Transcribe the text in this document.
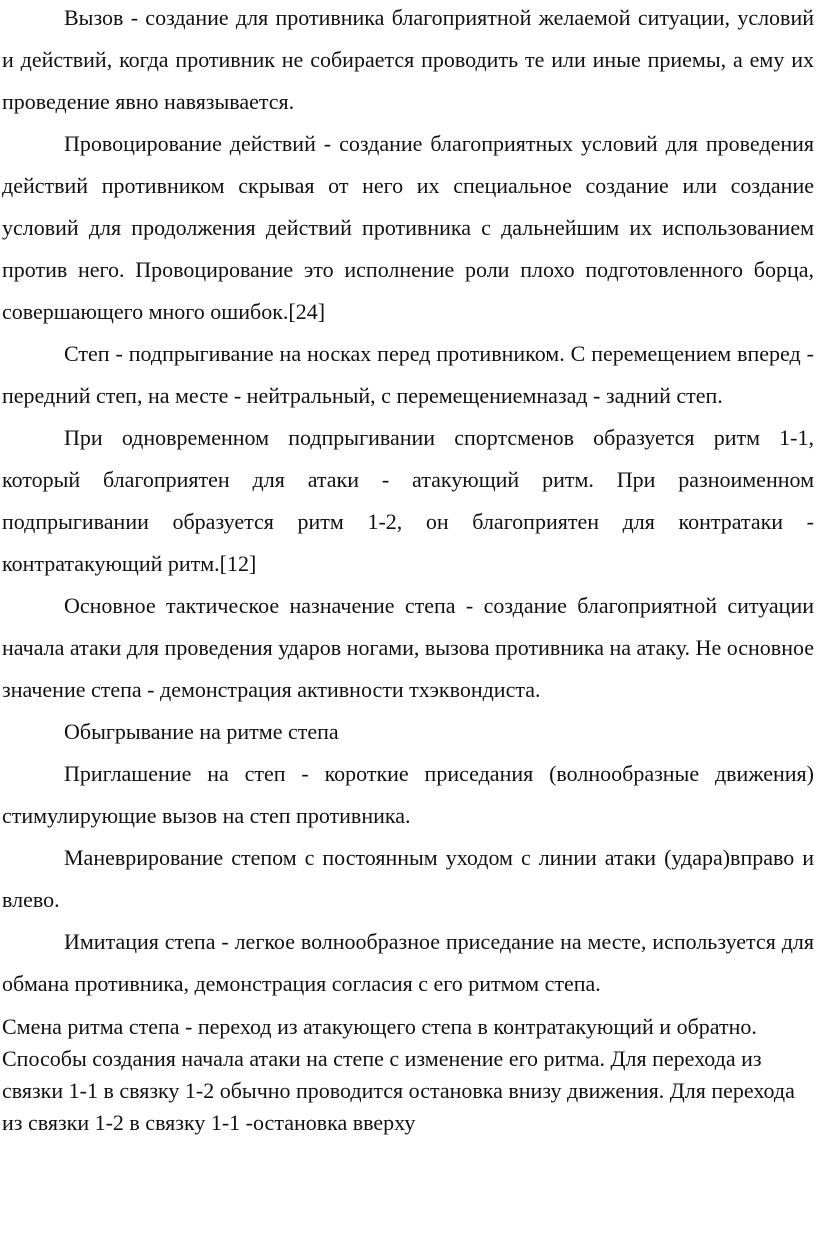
Вызов - создание для противника благоприятной желаемой ситуации, условий и действий, когда противник не собирается проводить те или иные приемы, а ему их проведение явно навязывается.

Провоцирование действий - создание благоприятных условий для проведения действий противником скрывая от него их специальное создание или создание условий для продолжения действий противника с дальнейшим их использованием против него. Провоцирование это исполнение роли плохо подготовленного борца, совершающего много ошибок.[24]

Степ - подпрыгивание на носках перед противником. С перемещением вперед - передний степ, на месте - нейтральный, с перемещениемназад - задний степ.

При одновременном подпрыгивании спортсменов образуется ритм 1-1, который благоприятен для атаки - атакующий ритм. При разноименном подпрыгивании образуется ритм 1-2, он благоприятен для контратаки - контратакующий ритм.[12]

Основное тактическое назначение степа - создание благоприятной ситуации начала атаки для проведения ударов ногами, вызова противника на атаку. Не основное значение степа - демонстрация активности тхэквондиста.

Обыгрывание на ритме степа

Приглашение на степ - короткие приседания (волнообразные движения) стимулирующие вызов на степ противника.

Маневрирование степом с постоянным уходом с линии атаки (удара)вправо и влево.

Имитация степа - легкое волнообразное приседание на месте, используется для обмана противника, демонстрация согласия с его ритмом степа.

Смена ритма степа - переход из атакующего степа в контратакующий и обратно. Способы создания начала атаки на степе с изменение его ритма. Для перехода из связки 1-1 в связку 1-2 обычно проводится остановка внизу движения. Для перехода из связки 1-2 в связку 1-1 -остановка вверху
